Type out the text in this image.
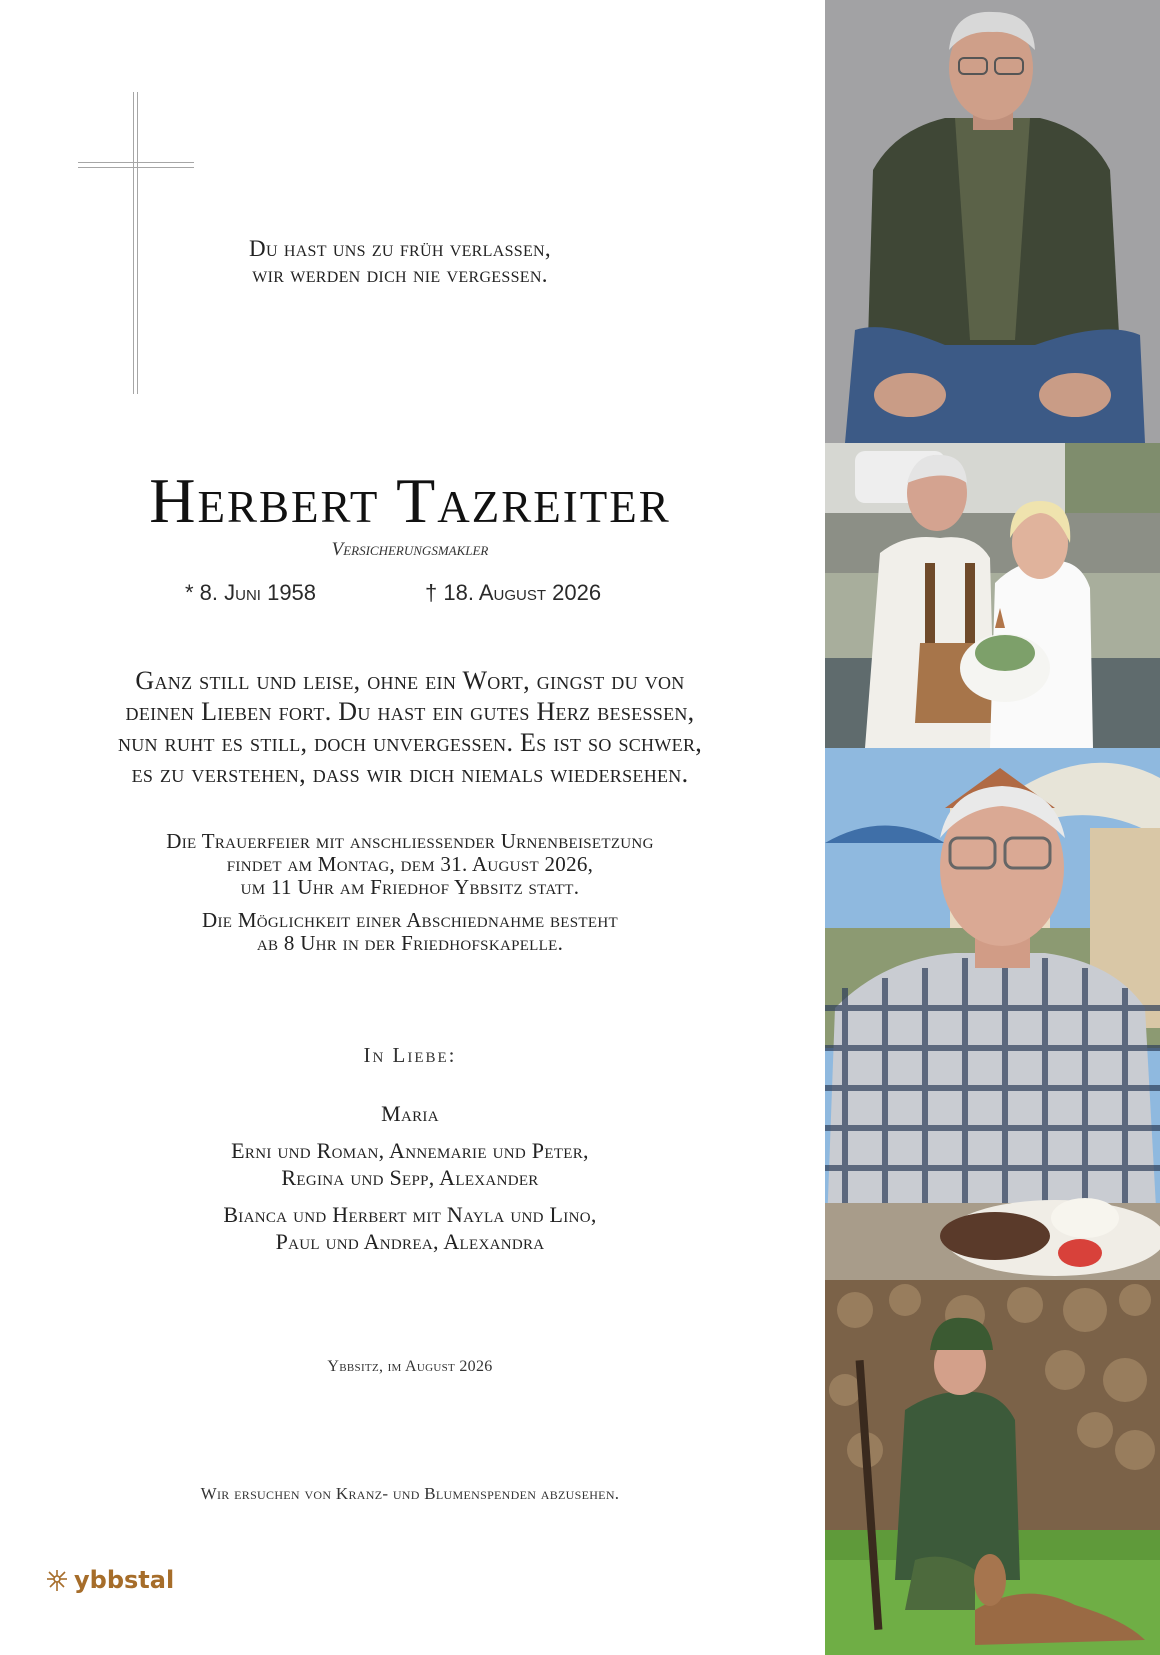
Du hast uns zu früh verlassen,
wir werden dich nie vergessen.
Herbert Tazreiter
Versicherungsmakler
* 8. Juni 1958	† 18. August 2026
Ganz still und leise, ohne ein Wort, gingst du von
deinen Lieben fort. Du hast ein gutes Herz besessen,
nun ruht es still, doch unvergessen. Es ist so schwer,
es zu verstehen, dass wir dich niemals wiedersehen.
Die Trauerfeier mit anschliessender Urnenbeisetzung
findet am Montag, dem 31. August 2026,
um 11 Uhr am Friedhof Ybbsitz statt.
Die Möglichkeit einer Abschiednahme besteht
ab 8 Uhr in der Friedhofskapelle.
In Liebe:
Maria
Erni und Roman, Annemarie und Peter,
Regina und Sepp, Alexander
Bianca und Herbert mit Nayla und Lino,
Paul und Andrea, Alexandra
Ybbsitz, im August 2026
Wir ersuchen von Kranz- und Blumenspenden abzusehen.
ybbstal
